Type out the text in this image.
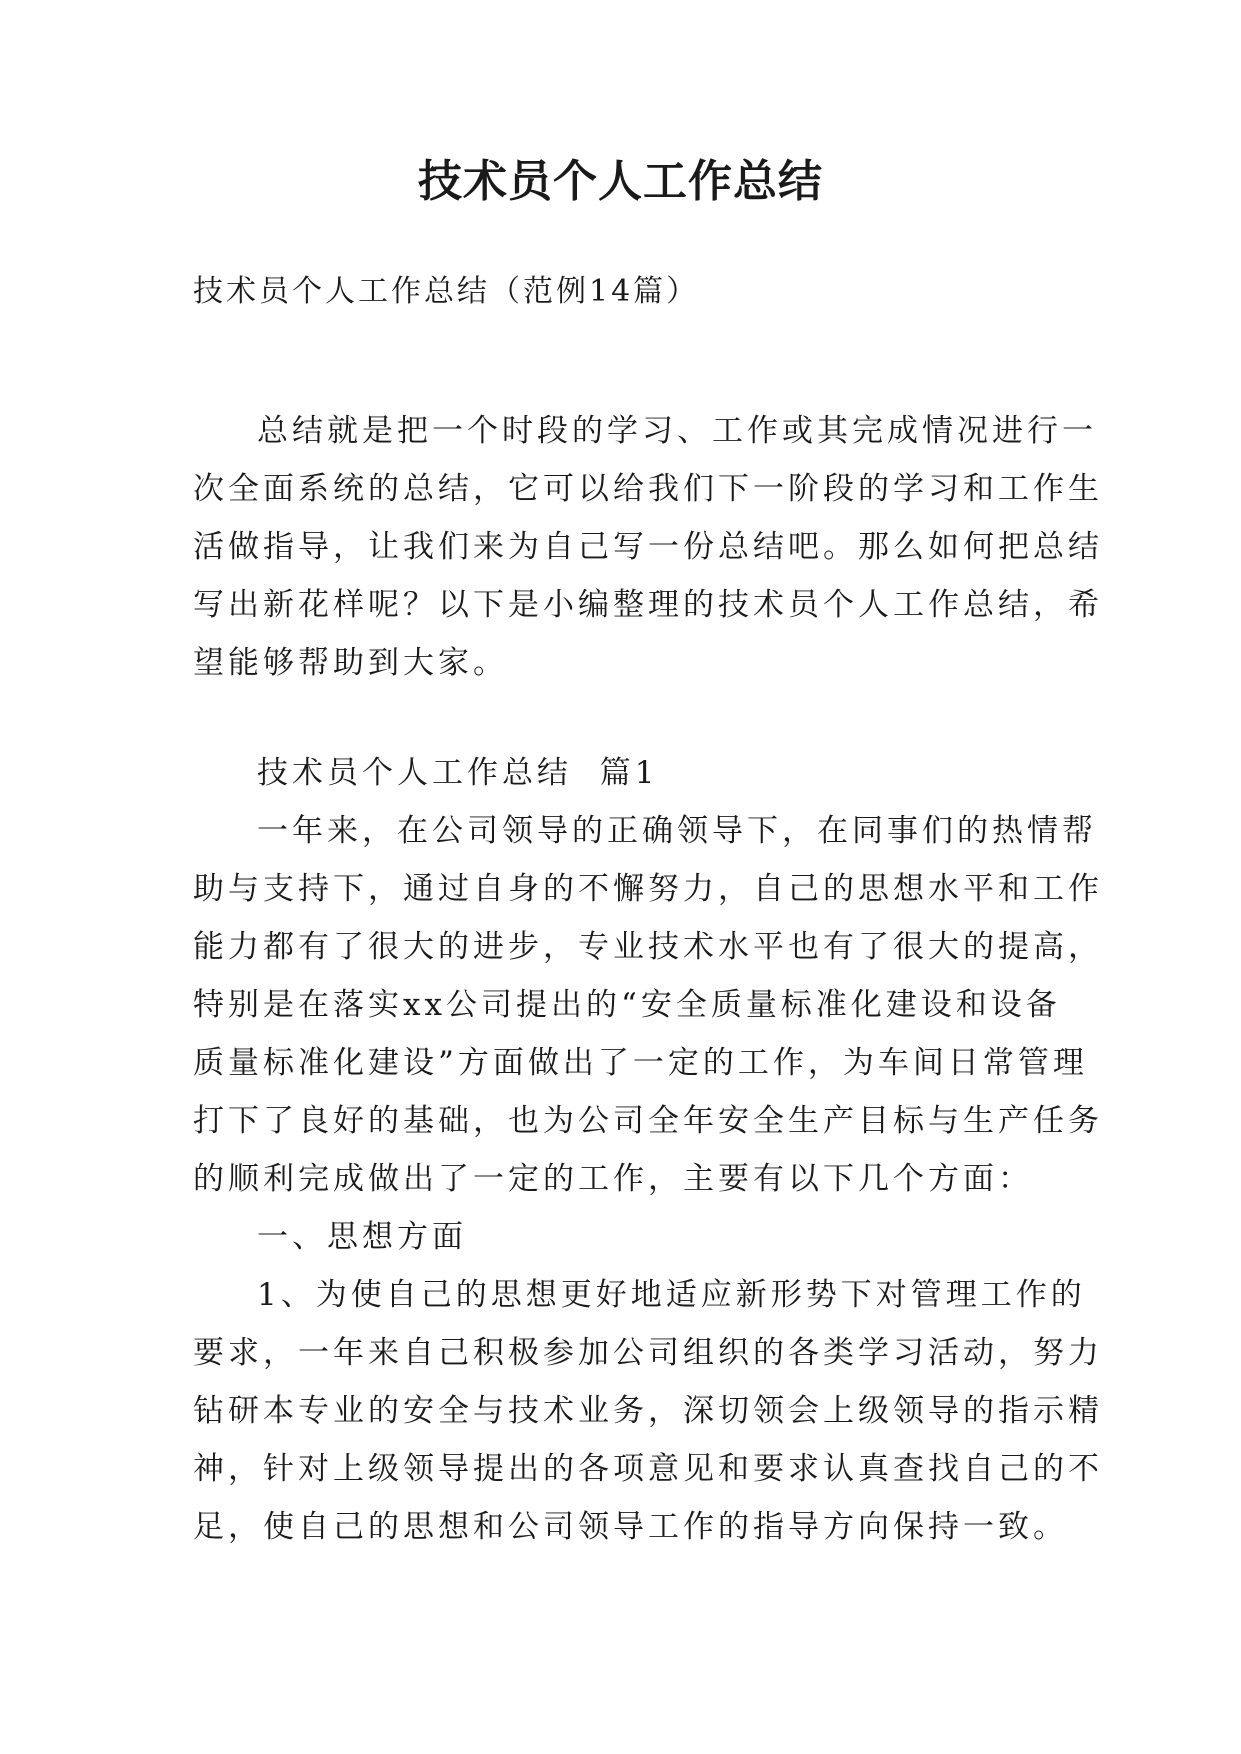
技术员个人工作总结
技术员个人工作总结（范例14篇）
总结就是把一个时段的学习、工作或其完成情况进行一
次全面系统的总结，它可以给我们下一阶段的学习和工作生
活做指导，让我们来为自己写一份总结吧。那么如何把总结
写出新花样呢？以下是小编整理的技术员个人工作总结，希
望能够帮助到大家。
技术员个人工作总结  篇1
一年来，在公司领导的正确领导下，在同事们的热情帮
助与支持下，通过自身的不懈努力，自己的思想水平和工作
能力都有了很大的进步，专业技术水平也有了很大的提高，
特别是在落实xx公司提出的“安全质量标准化建设和设备
质量标准化建设”方面做出了一定的工作，为车间日常管理
打下了良好的基础，也为公司全年安全生产目标与生产任务
的顺利完成做出了一定的工作，主要有以下几个方面：
一、思想方面
1、为使自己的思想更好地适应新形势下对管理工作的
要求，一年来自己积极参加公司组织的各类学习活动，努力
钻研本专业的安全与技术业务，深切领会上级领导的指示精
神，针对上级领导提出的各项意见和要求认真查找自己的不
足，使自己的思想和公司领导工作的指导方向保持一致。
